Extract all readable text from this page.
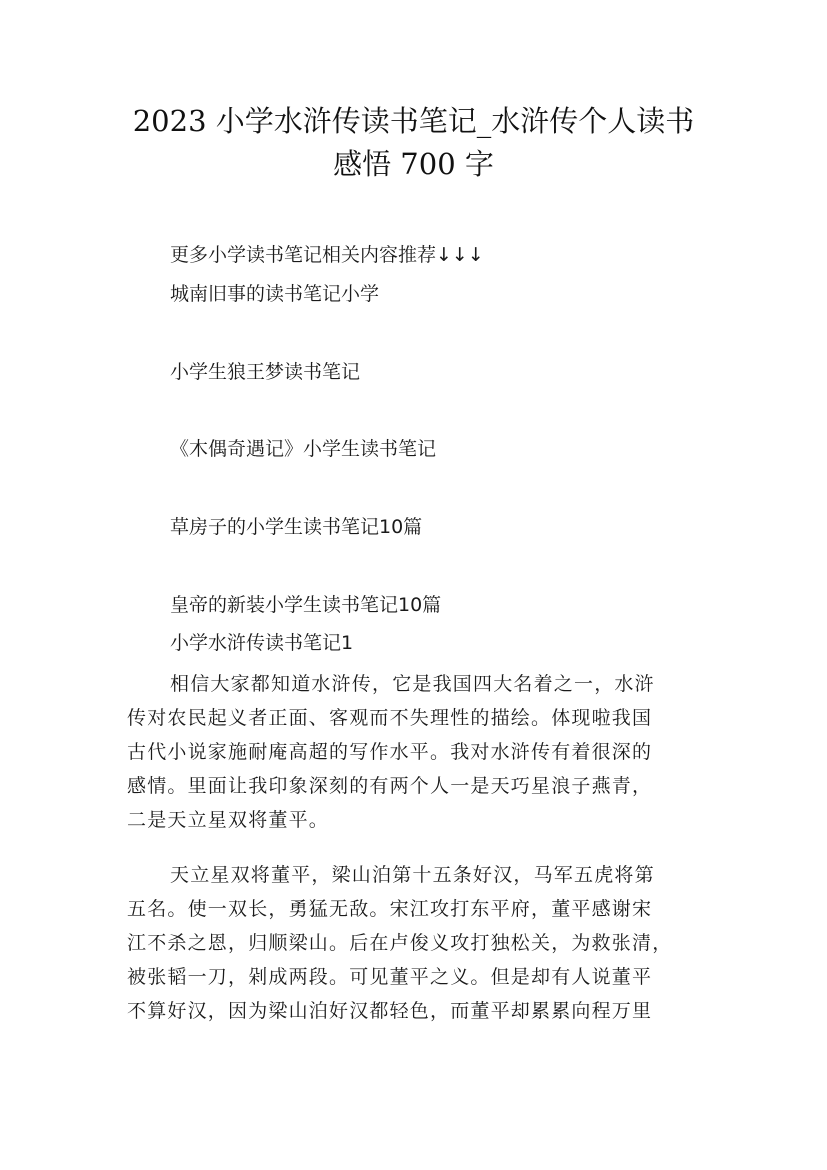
2023 小学水浒传读书笔记_水浒传个人读书
感悟 700 字
更多小学读书笔记相关内容推荐↓↓↓
城南旧事的读书笔记小学
小学生狼王梦读书笔记
《木偶奇遇记》小学生读书笔记
草房子的小学生读书笔记10篇
皇帝的新装小学生读书笔记10篇
小学水浒传读书笔记1
相信大家都知道水浒传，它是我国四大名着之一，水浒
传对农民起义者正面、客观而不失理性的描绘。体现啦我国
古代小说家施耐庵高超的写作水平。我对水浒传有着很深的
感情。里面让我印象深刻的有两个人一是天巧星浪子燕青，
二是天立星双将董平。
天立星双将董平，梁山泊第十五条好汉，马军五虎将第
五名。使一双长，勇猛无敌。宋江攻打东平府，董平感谢宋
江不杀之恩，归顺梁山。后在卢俊义攻打独松关，为救张清，
被张韬一刀，剁成两段。可见董平之义。但是却有人说董平
不算好汉，因为梁山泊好汉都轻色，而董平却累累向程万里
